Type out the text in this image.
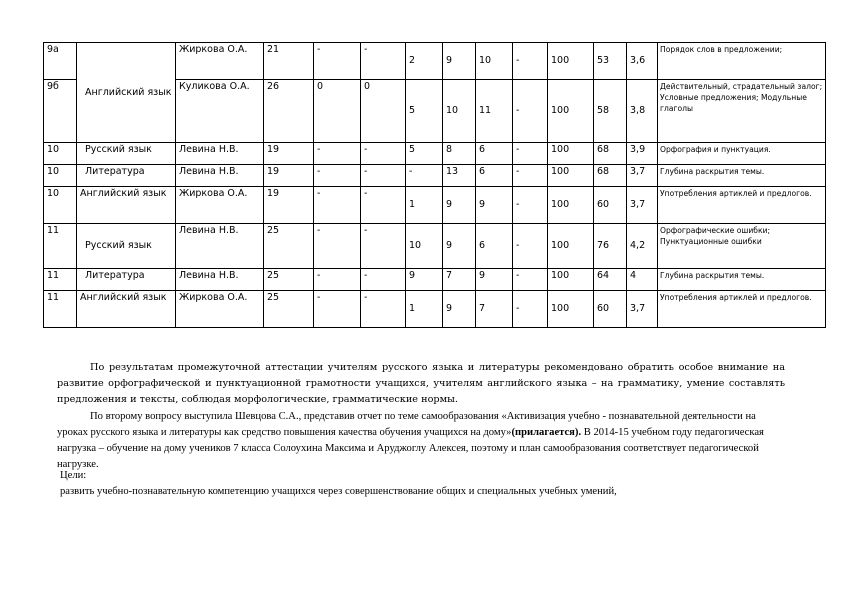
9а	Английский язык	Жиркова О.А.	21	-	-	2	9	10	-	100	53	3,6	Порядок слов в предложении;
9б		Куликова О.А.	26	0	0	5	10	11	-	100	58	3,8	Действительный, страдательный залог; Условные предложения; Модульные глаголы
10	Русский язык	Левина Н.В.	19	-	-	5	8	6	-	100	68	3,9	Орфография и пунктуация.
10	Литература	Левина Н.В.	19	-	-	-	13	6	-	100	68	3,7	Глубина раскрытия темы.
10	Английский язык	Жиркова О.А.	19	-	-	1	9	9	-	100	60	3,7	Употребления артиклей и предлогов.
11	Русский язык	Левина Н.В.	25	-	-	10	9	6	-	100	76	4,2	Орфографические ошибки; Пунктуационные ошибки
11	Литература	Левина Н.В.	25	-	-	9	7	9	-	100	64	4	Глубина раскрытия темы.
11	Английский язык	Жиркова О.А.	25	-	-	1	9	7	-	100	60	3,7	Употребления артиклей и предлогов.
По результатам промежуточной аттестации учителям русского языка и литературы рекомендовано обратить особое внимание на развитие орфографической и пунктуационной грамотности учащихся, учителям английского языка – на грамматику, умение составлять предложения и тексты, соблюдая морфологические, грамматические нормы.
По второму вопросу выступила Шевцова С.А., представив отчет по теме самообразования «Активизация учебно - познавательной деятельности на уроках русского языка и литературы как средство повышения качества обучения учащихся на дому»(прилагается). В 2014-15 учебном году педагогическая нагрузка – обучение на дому учеников 7 класса Солоухина Максима и Аруджоглу Алексея, поэтому и план самообразования соответствует педагогической нагрузке.
Цели:
развить учебно-познавательную компетенцию учащихся через совершенствование общих и специальных учебных умений,
